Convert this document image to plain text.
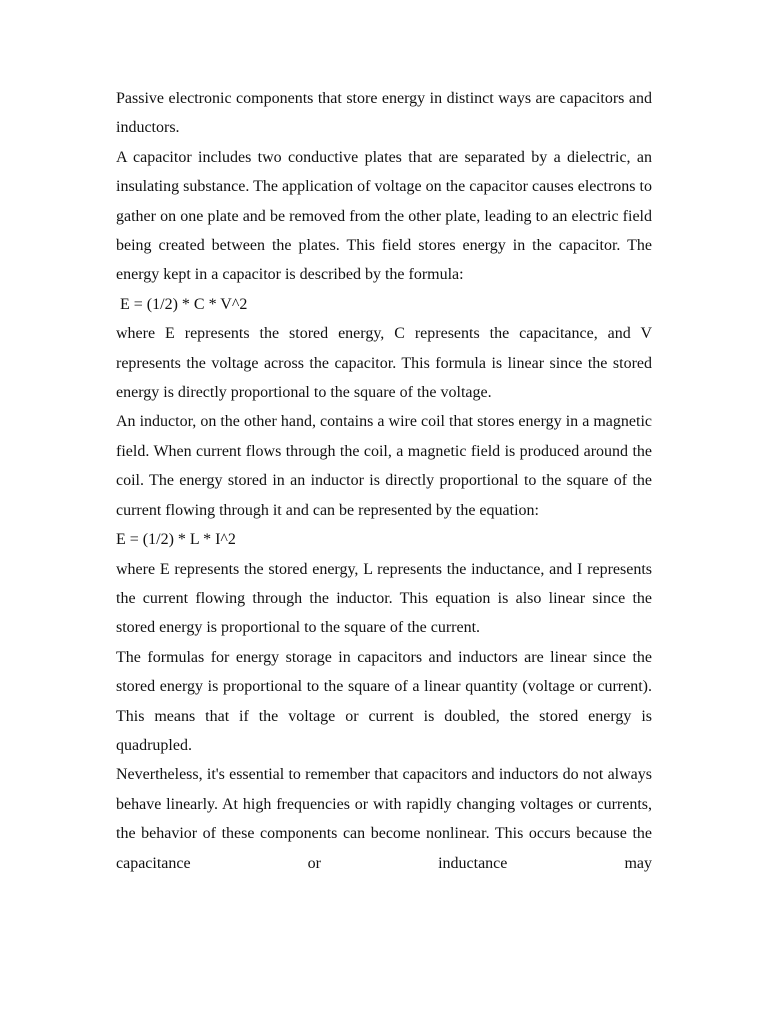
Passive electronic components that store energy in distinct ways are capacitors and inductors.

A capacitor includes two conductive plates that are separated by a dielectric, an insulating substance. The application of voltage on the capacitor causes electrons to gather on one plate and be removed from the other plate, leading to an electric field being created between the plates. This field stores energy in the capacitor. The energy kept in a capacitor is described by the formula:

E = (1/2) * C * V^2

where E represents the stored energy, C represents the capacitance, and V represents the voltage across the capacitor. This formula is linear since the stored energy is directly proportional to the square of the voltage.

An inductor, on the other hand, contains a wire coil that stores energy in a magnetic field. When current flows through the coil, a magnetic field is produced around the coil. The energy stored in an inductor is directly proportional to the square of the current flowing through it and can be represented by the equation:

E = (1/2) * L * I^2

where E represents the stored energy, L represents the inductance, and I represents the current flowing through the inductor. This equation is also linear since the stored energy is proportional to the square of the current.

The formulas for energy storage in capacitors and inductors are linear since the stored energy is proportional to the square of a linear quantity (voltage or current). This means that if the voltage or current is doubled, the stored energy is quadrupled.

Nevertheless, it's essential to remember that capacitors and inductors do not always behave linearly. At high frequencies or with rapidly changing voltages or currents, the behavior of these components can become nonlinear. This occurs because the capacitance or inductance may
